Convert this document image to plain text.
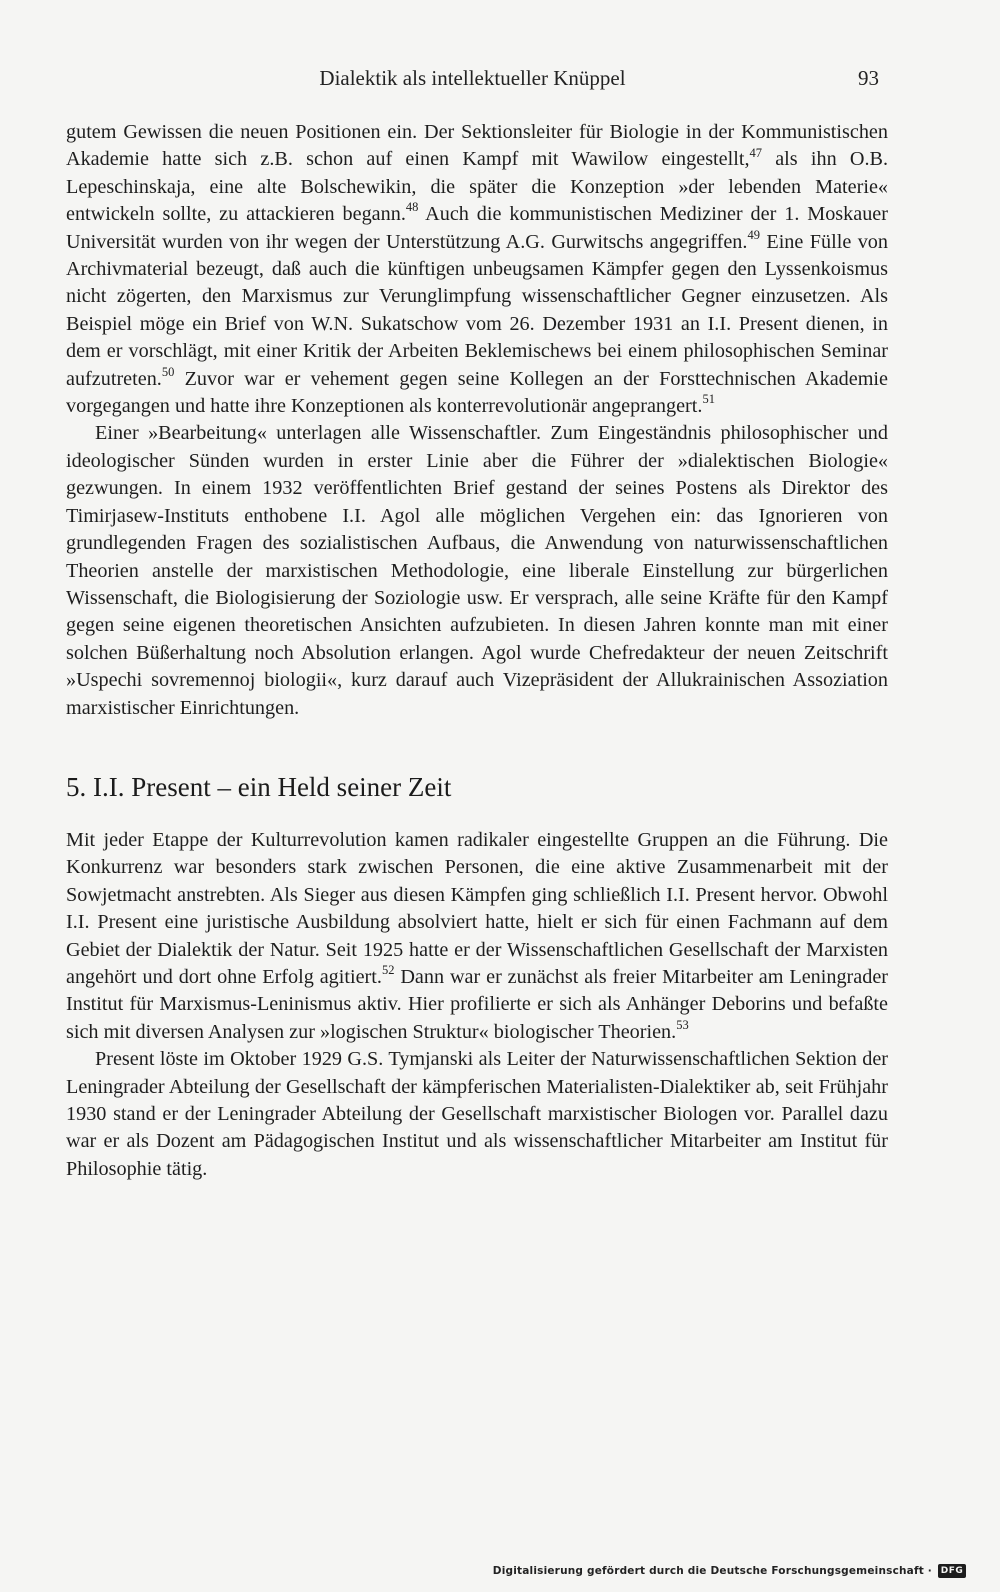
Dialektik als intellektueller Knüppel	93

gutem Gewissen die neuen Positionen ein. Der Sektionsleiter für Biologie in der Kommunistischen Akademie hatte sich z.B. schon auf einen Kampf mit Wawilow eingestellt,$^{47}$ als ihn O.B. Lepeschinskaja, eine alte Bolschewikin, die später die Konzeption »der lebenden Materie« entwickeln sollte, zu attackieren begann.$^{48}$ Auch die kommunistischen Mediziner der 1. Moskauer Universität wurden von ihr wegen der Unterstützung A.G. Gurwitschs angegriffen.$^{49}$ Eine Fülle von Archivmaterial bezeugt, daß auch die künftigen unbeugsamen Kämpfer gegen den Lyssenkoismus nicht zögerten, den Marxismus zur Verunglimpfung wissenschaftlicher Gegner einzusetzen. Als Beispiel möge ein Brief von W.N. Sukatschow vom 26. Dezember 1931 an I.I. Present dienen, in dem er vorschlägt, mit einer Kritik der Arbeiten Beklemischews bei einem philosophischen Seminar aufzutreten.$^{50}$ Zuvor war er vehement gegen seine Kollegen an der Forsttechnischen Akademie vorgegangen und hatte ihre Konzeptionen als konterrevolutionär angeprangert.$^{51}$

Einer »Bearbeitung« unterlagen alle Wissenschaftler. Zum Eingeständnis philosophischer und ideologischer Sünden wurden in erster Linie aber die Führer der »dialektischen Biologie« gezwungen. In einem 1932 veröffentlichten Brief gestand der seines Postens als Direktor des Timirjasew-Instituts enthobene I.I. Agol alle möglichen Vergehen ein: das Ignorieren von grundlegenden Fragen des sozialistischen Aufbaus, die Anwendung von naturwissenschaftlichen Theorien anstelle der marxistischen Methodologie, eine liberale Einstellung zur bürgerlichen Wissenschaft, die Biologisierung der Soziologie usw. Er versprach, alle seine Kräfte für den Kampf gegen seine eigenen theoretischen Ansichten aufzubieten. In diesen Jahren konnte man mit einer solchen Büßerhaltung noch Absolution erlangen. Agol wurde Chefredakteur der neuen Zeitschrift »Uspechi sovremennoj biologii«, kurz darauf auch Vizepräsident der Allukrainischen Assoziation marxistischer Einrichtungen.

5. I.I. Present – ein Held seiner Zeit

Mit jeder Etappe der Kulturrevolution kamen radikaler eingestellte Gruppen an die Führung. Die Konkurrenz war besonders stark zwischen Personen, die eine aktive Zusammenarbeit mit der Sowjetmacht anstrebten. Als Sieger aus diesen Kämpfen ging schließlich I.I. Present hervor. Obwohl I.I. Present eine juristische Ausbildung absolviert hatte, hielt er sich für einen Fachmann auf dem Gebiet der Dialektik der Natur. Seit 1925 hatte er der Wissenschaftlichen Gesellschaft der Marxisten angehört und dort ohne Erfolg agitiert.$^{52}$ Dann war er zunächst als freier Mitarbeiter am Leningrader Institut für Marxismus-Leninismus aktiv. Hier profilierte er sich als Anhänger Deborins und befaßte sich mit diversen Analysen zur »logischen Struktur« biologischer Theorien.$^{53}$

Present löste im Oktober 1929 G.S. Tymjanski als Leiter der Naturwissenschaftlichen Sektion der Leningrader Abteilung der Gesellschaft der kämpferischen Materialisten-Dialektiker ab, seit Frühjahr 1930 stand er der Leningrader Abteilung der Gesellschaft marxistischer Biologen vor. Parallel dazu war er als Dozent am Pädagogischen Institut und als wissenschaftlicher Mitarbeiter am Institut für Philosophie tätig.

Digitalisierung gefördert durch die Deutsche Forschungsgemeinschaft · DFG
